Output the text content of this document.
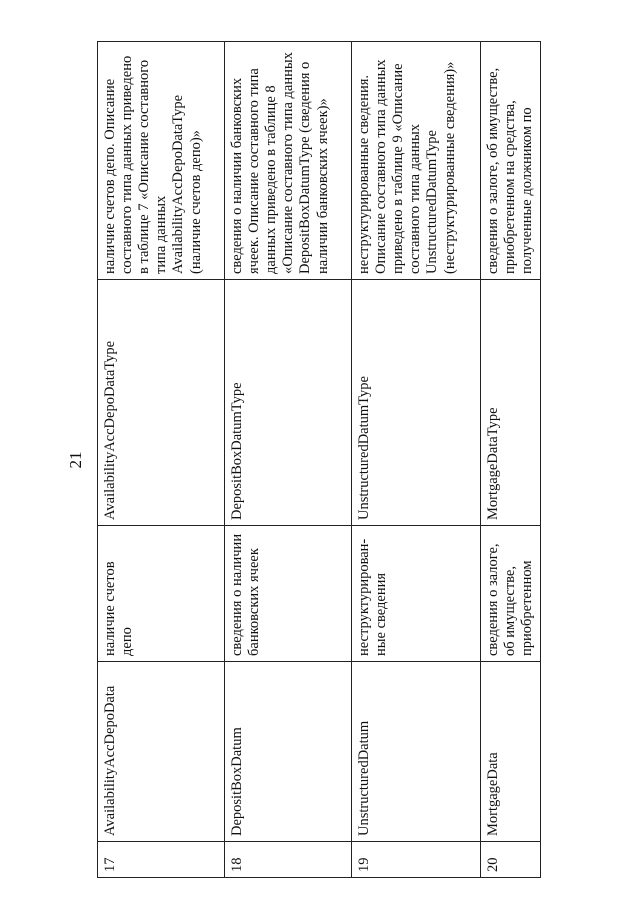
21
17	AvailabilityAccDepoData	наличие счетов депо	AvailabilityAccDepoDataType	наличие счетов депо. Описание составного типа данных приведено в таблице 7 «Описание составного типа данных AvailabilityAccDepoDataType (наличие счетов депо)»
18	DepositBoxDatum	сведения о наличии банковских ячеек	DepositBoxDatumType	сведения о наличии банковских ячеек. Описание составного типа данных приведено в таблице 8 «Описание составного типа данных DepositBoxDatumType (сведения о наличии банковских ячеек)»
19	UnstructuredDatum	неструктурирован-ные сведения	UnstructuredDatumType	неструктурированные сведения. Описание составного типа данных приведено в таблице 9 «Описание составного типа данных UnstructuredDatumType (неструктурированные сведения)»
20	MortgageData	сведения о залоге, об имуществе, приобретенном	MortgageDataType	сведения о залоге, об имуществе, приобретенном на средства, полученные должником по
